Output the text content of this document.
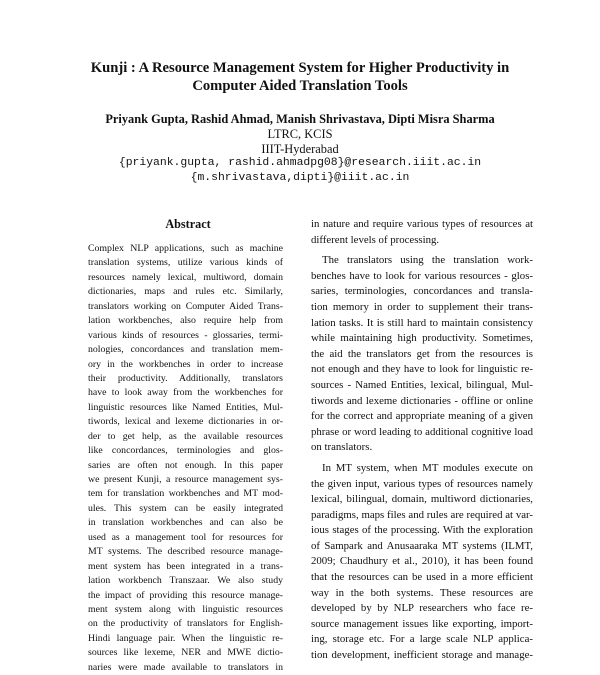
Kunji : A Resource Management System for Higher Productivity in
Computer Aided Translation Tools
Priyank Gupta, Rashid Ahmad, Manish Shrivastava, Dipti Misra Sharma
LTRC, KCIS
IIIT-Hyderabad
{priyank.gupta, rashid.ahmadpg08}@research.iiit.ac.in
{m.shrivastava,dipti}@iiit.ac.in
Abstract
Complex NLP applications, such as machine
translation systems, utilize various kinds of
resources namely lexical, multiword, domain
dictionaries, maps and rules etc. Similarly,
translators working on Computer Aided Trans-
lation workbenches, also require help from
various kinds of resources - glossaries, termi-
nologies, concordances and translation mem-
ory in the workbenches in order to increase
their productivity. Additionally, translators
have to look away from the workbenches for
linguistic resources like Named Entities, Mul-
tiwords, lexical and lexeme dictionaries in or-
der to get help, as the available resources
like concordances, terminologies and glos-
saries are often not enough. In this paper
we present Kunji, a resource management sys-
tem for translation workbenches and MT mod-
ules. This system can be easily integrated
in translation workbenches and can also be
used as a management tool for resources for
MT systems. The described resource manage-
ment system has been integrated in a trans-
lation workbench Transzaar. We also study
the impact of providing this resource manage-
ment system along with linguistic resources
on the productivity of translators for English-
Hindi language pair. When the linguistic re-
sources like lexeme, NER and MWE dictio-
naries were made available to translators in
in nature and require various types of resources at
different levels of processing.
The translators using the translation work-
benches have to look for various resources - glos-
saries, terminologies, concordances and transla-
tion memory in order to supplement their trans-
lation tasks. It is still hard to maintain consistency
while maintaining high productivity. Sometimes,
the aid the translators get from the resources is
not enough and they have to look for linguistic re-
sources - Named Entities, lexical, bilingual, Mul-
tiwords and lexeme dictionaries - offline or online
for the correct and appropriate meaning of a given
phrase or word leading to additional cognitive load
on translators.
In MT system, when MT modules execute on
the given input, various types of resources namely
lexical, bilingual, domain, multiword dictionaries,
paradigms, maps files and rules are required at var-
ious stages of the processing. With the exploration
of Sampark and Anusaaraka MT systems (ILMT,
2009; Chaudhury et al., 2010), it has been found
that the resources can be used in a more efficient
way in the both systems. These resources are
developed by by NLP researchers who face re-
source management issues like exporting, import-
ing, storage etc. For a large scale NLP applica-
tion development, inefficient storage and manage-
